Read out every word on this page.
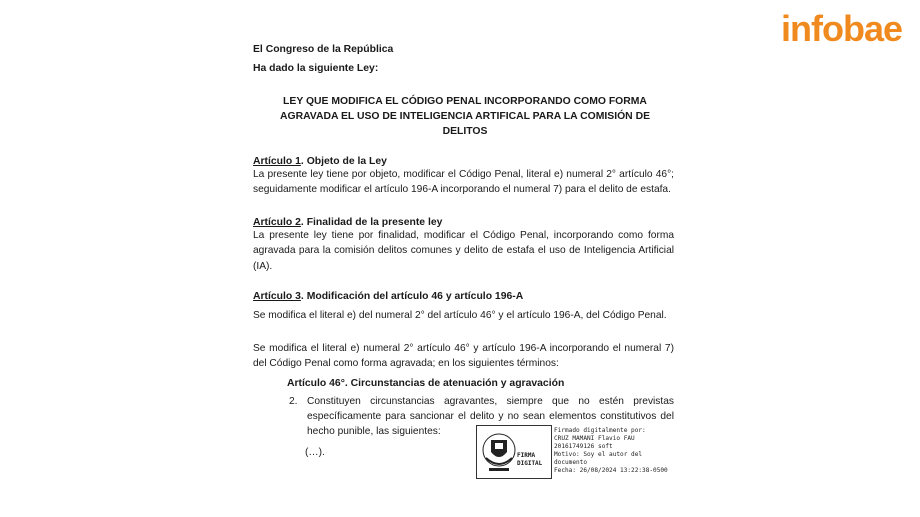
infobae
El Congreso de la República
Ha dado la siguiente Ley:
LEY QUE MODIFICA EL CÓDIGO PENAL INCORPORANDO COMO FORMA
AGRAVADA EL USO DE INTELIGENCIA ARTIFICAL PARA LA COMISIÓN DE
DELITOS
Artículo 1. Objeto de la Ley
La presente ley tiene por objeto, modificar el Código Penal, literal e) numeral 2° artículo 46°; seguidamente modificar el artículo 196-A incorporando el numeral 7) para el delito de estafa.
Artículo 2. Finalidad de la presente ley
La presente ley tiene por finalidad, modificar el Código Penal, incorporando como forma agravada para la comisión delitos comunes y delito de estafa el uso de Inteligencia Artificial (IA).
Artículo 3. Modificación del artículo 46 y artículo 196-A
Se modifica el literal e) del numeral 2° del artículo 46° y el artículo 196-A, del Código Penal.
Se modifica el literal e) numeral 2° artículo 46° y artículo 196-A incorporando el numeral 7) del Código Penal como forma agravada; en los siguientes términos:
Artículo 46°. Circunstancias de atenuación y agravación
2. Constituyen circunstancias agravantes, siempre que no estén previstas específicamente para sancionar el delito y no sean elementos constitutivos del hecho punible, las siguientes:
(…).	FIRMA DIGITAL
Firmado digitalmente por:
CRUZ MAMANI Flavio FAU
20161749126 soft
Motivo: Soy el autor del
documento
Fecha: 26/08/2024 13:22:38-0500
